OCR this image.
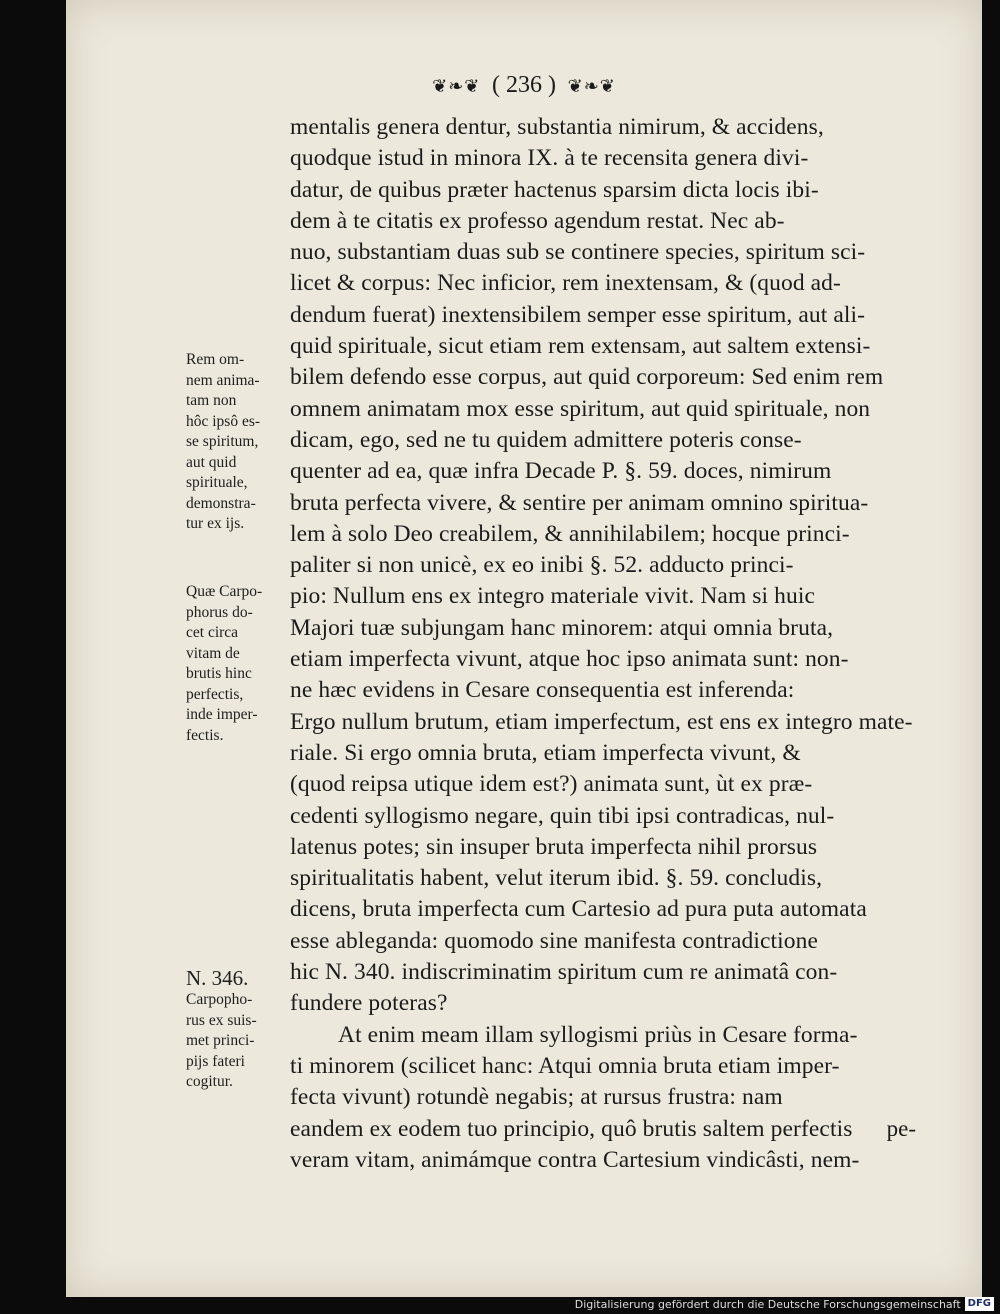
❦❧❦ ( 236 ) ❦❧❦
mentalis genera dentur, substantia nimirum, & accidens,
quodque istud in minora IX. à te recensita genera divi-
datur, de quibus præter hactenus sparsim dicta locis ibi-
dem à te citatis ex professo agendum restat. Nec ab-
nuo, substantiam duas sub se continere species, spiritum sci-
licet & corpus: Nec inficior, rem inextensam, & (quod ad-
dendum fuerat) inextensibilem semper esse spiritum, aut ali-
quid spirituale, sicut etiam rem extensam, aut saltem extensi-
bilem defendo esse corpus, aut quid corporeum: Sed enim rem
omnem animatam mox esse spiritum, aut quid spirituale, non
dicam, ego, sed ne tu quidem admittere poteris conse-
quenter ad ea, quæ infra Decade P. §. 59. doces, nimirum
bruta perfecta vivere, & sentire per animam omnino spiritua-
lem à solo Deo creabilem, & annihilabilem; hocque princi-
paliter si non unicè, ex eo inibi §. 52. adducto princi-
pio: Nullum ens ex integro materiale vivit. Nam si huic
Majori tuæ subjungam hanc minorem: atqui omnia bruta,
etiam imperfecta vivunt, atque hoc ipso animata sunt: non-
ne hæc evidens in Cesare consequentia est inferenda:
Ergo nullum brutum, etiam imperfectum, est ens ex integro mate-
riale. Si ergo omnia bruta, etiam imperfecta vivunt, &
(quod reipsa utique idem est?) animata sunt, ùt ex præ-
cedenti syllogismo negare, quin tibi ipsi contradicas, nul-
latenus potes; sin insuper bruta imperfecta nihil prorsus
spiritualitatis habent, velut iterum ibid. §. 59. concludis,
dicens, bruta imperfecta cum Cartesio ad pura puta automata
esse ableganda: quomodo sine manifesta contradictione
hic N. 340. indiscriminatim spiritum cum re animatâ con-
fundere poteras?
At enim meam illam syllogismi priùs in Cesare forma-
ti minorem (scilicet hanc: Atqui omnia bruta etiam imper-
fecta vivunt) rotundè negabis; at rursus frustra: nam
eandem ex eodem tuo principio, quô brutis saltem perfectis
veram vitam, animámque contra Cartesium vindicâsti, nem-
Rem om-
nem anima-
tam non
hôc ipsô es-
se spiritum,
aut quid
spirituale,
demonstra-
tur ex ijs.
Quæ Carpo-
phorus do-
cet circa
vitam de
brutis hinc
perfectis,
inde imper-
fectis.
N. 346.
Carpopho-
rus ex suis-
met princi-
pijs fateri
cogitur.
pe-
Digitalisierung gefördert durch die Deutsche Forschungsgemeinschaft DFG
